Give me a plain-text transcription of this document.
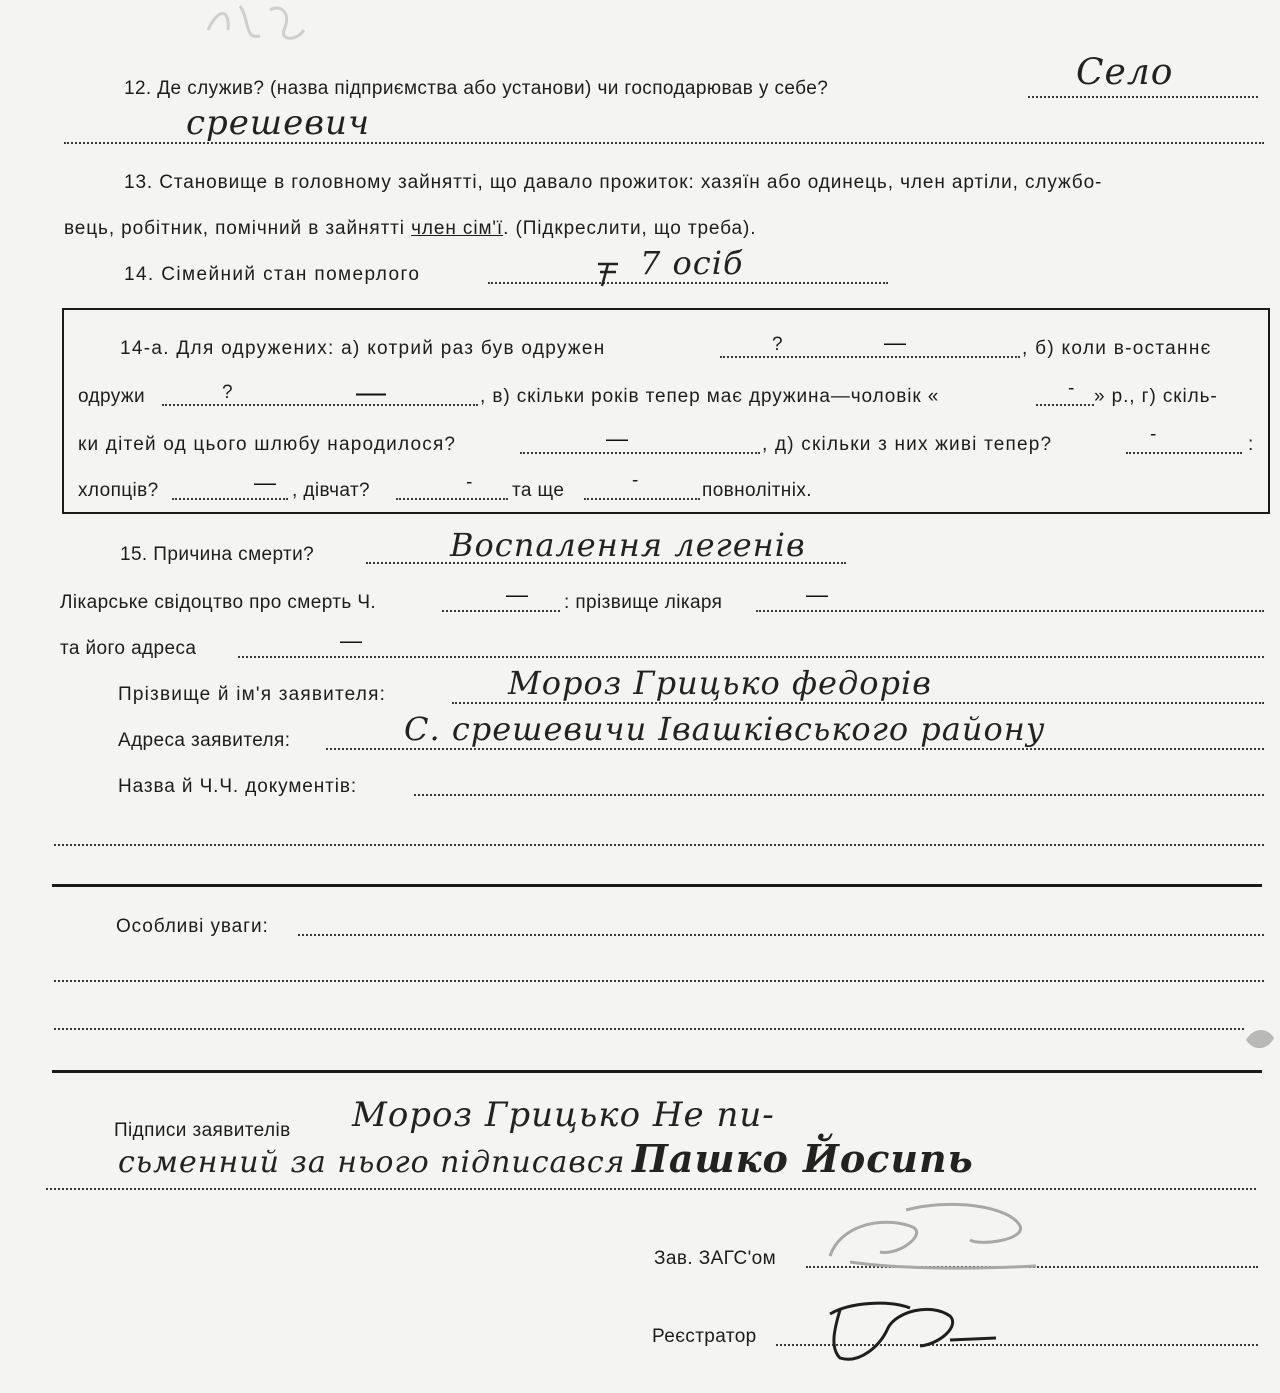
12. Де служив? (назва підприємства або установи) чи господарював у себе?	Село
срешевич
13. Становище в головному зайнятті, що давало прожиток: хазяїн або одинець, член артіли, службо-
вець, робітник, помічний в зайнятті член сім'ї. (Підкреслити, що треба).
14. Сімейний стан померлого	7 осіб
14-а. Для одружених: а) котрий раз був одружен	?	—	, б) коли в-останнє
одружи	?	—	, в) скільки років тепер має дружина—чоловік «	- » р., г) скіль-
ки дітей од цього шлюбу народилося?	—	, д) скільки з них живі тепер?	-	:
хлопців?	— , дівчат?	- та ще	-	повнолітніх.
15. Причина смерти?	Воспалення легенів
Лікарське свідоцтво про смерть Ч.	— : прізвище лікаря	—
та його адреса	—
Прізвище й ім'я заявителя:	Мороз Грицько федорів
Адреса заявителя:	С. срешевичи Івашківського району
Назва й Ч.Ч. документів:
Особливі уваги:
Підписи заявителів Мороз Грицько Не пи-
сьменний за нього підписався Пашко Йосипь
Зав. ЗАГС'ом
Реєстратор
